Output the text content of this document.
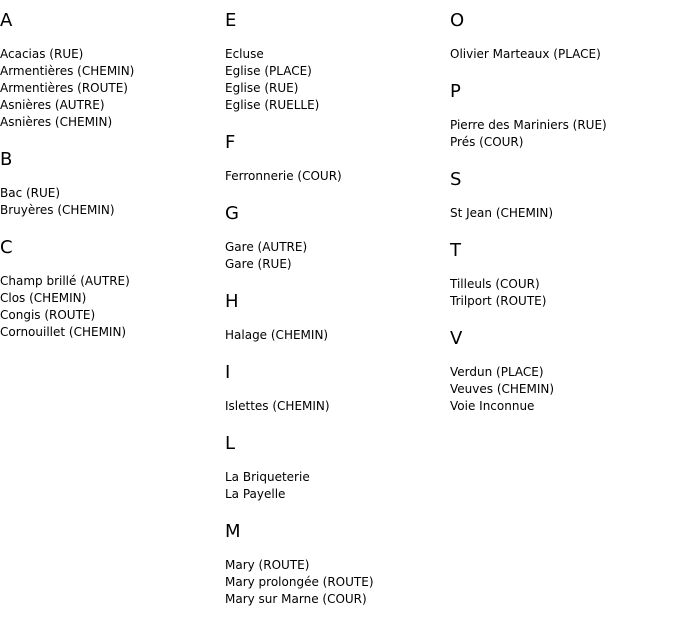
A
Acacias (RUE)
Armentières (CHEMIN)
Armentières (ROUTE)
Asnières (AUTRE)
Asnières (CHEMIN)
B
Bac (RUE)
Bruyères (CHEMIN)
C
Champ brillé (AUTRE)
Clos (CHEMIN)
Congis (ROUTE)
Cornouillet (CHEMIN)
E
Ecluse
Eglise (PLACE)
Eglise (RUE)
Eglise (RUELLE)
F
Ferronnerie (COUR)
G
Gare (AUTRE)
Gare (RUE)
H
Halage (CHEMIN)
I
Islettes (CHEMIN)
L
La Briqueterie
La Payelle
M
Mary (ROUTE)
Mary prolongée (ROUTE)
Mary sur Marne (COUR)
O
Olivier Marteaux (PLACE)
P
Pierre des Mariniers (RUE)
Prés (COUR)
S
St Jean (CHEMIN)
T
Tilleuls (COUR)
Trilport (ROUTE)
V
Verdun (PLACE)
Veuves (CHEMIN)
Voie Inconnue
